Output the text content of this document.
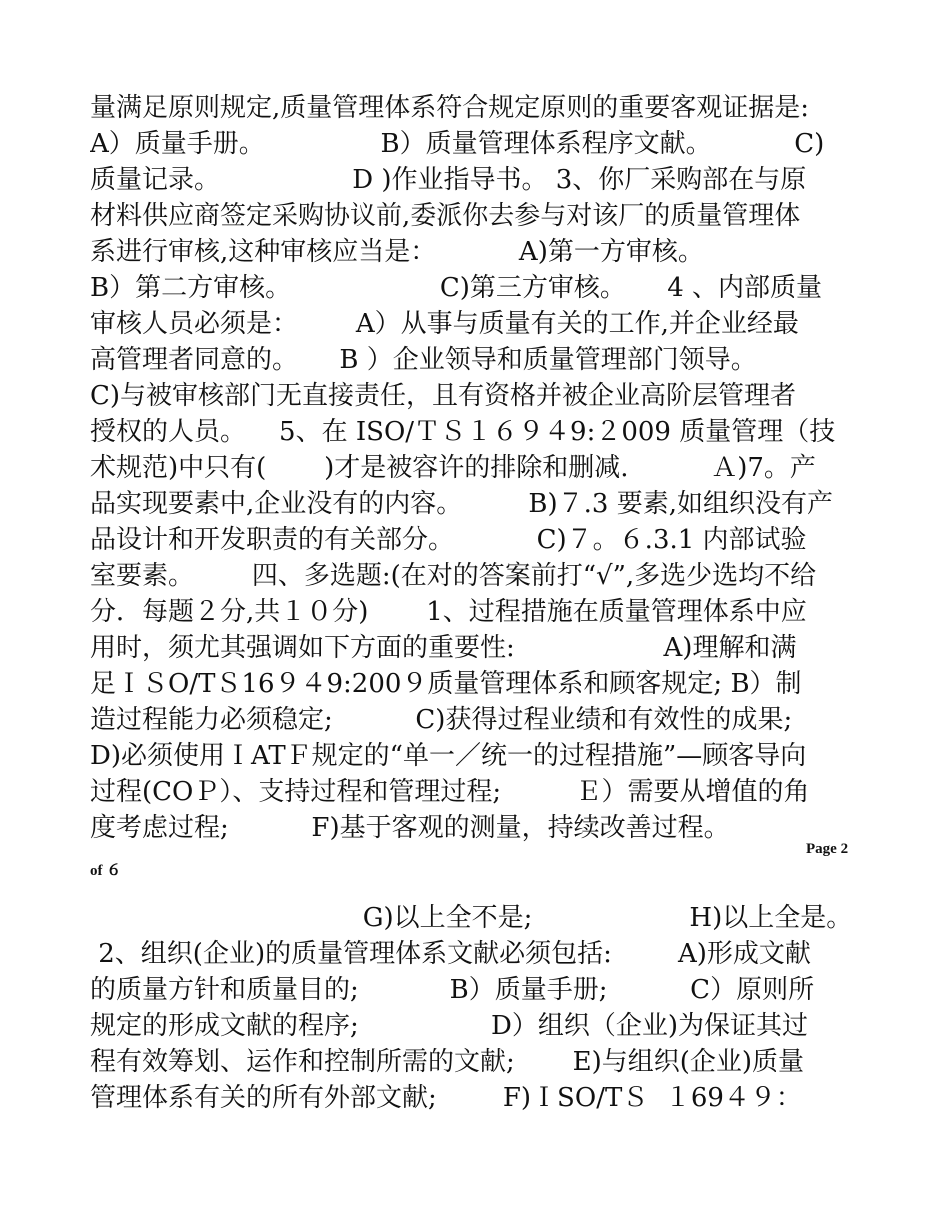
量满足原则规定,质量管理体系符合规定原则的重要客观证据是:
A）质量手册。              B）质量管理体系程序文献。          C)
质量记录。                D )作业指导书。 3、你厂采购部在与原
材料供应商签定采购协议前,委派你去参与对该厂的质量管理体
系进行审核,这种审核应当是：          A)第一方审核。
B）第二方审核。                  C)第三方审核。     4 、内部质量
审核人员必须是：       A）从事与质量有关的工作,并企业经最
高管理者同意的。     B ）企业领导和质量管理部门领导。
C)与被审核部门无直接责任，且有资格并被企业高阶层管理者
授权的人员。    5、在 ISO/ＴＳ１６９４9:２009 质量管理（技
术规范)中只有(       )才是被容许的排除和删减.          Ａ)7。产
品实现要素中,企业没有的内容。        B)７.3 要素,如组织没有产
品设计和开发职责的有关部分。          C)７。６.3.1 内部试验
室要素。       四、多选题:(在对的答案前打“√”,多选少选均不给
分．每题２分,共１０分)       1、过程措施在质量管理体系中应
用时，须尤其强调如下方面的重要性:                  A)理解和满
足ＩＳO/TＳ16９４9:200９质量管理体系和顾客规定; B）制
造过程能力必须稳定;          C)获得过程业绩和有效性的成果;
D)必须使用ＩATＦ规定的“单一／统一的过程措施”—顾客导向
过程(COＰ）、支持过程和管理过程;         Ｅ）需要从增值的角
度考虑过程;          F)基于客观的测量，持续改善过程。
Page 2
of ６
G)以上全不是;                   H)以上全是。
2、组织(企业)的质量管理体系文献必须包括:        A)形成文献
的质量方针和质量目的;           B）质量手册;          C）原则所
规定的形成文献的程序;                D）组织（企业)为保证其过
程有效筹划、运作和控制所需的文献;       E)与组织(企业)质量
管理体系有关的所有外部文献;        F)ＩSO/TＳ  １69４９：
